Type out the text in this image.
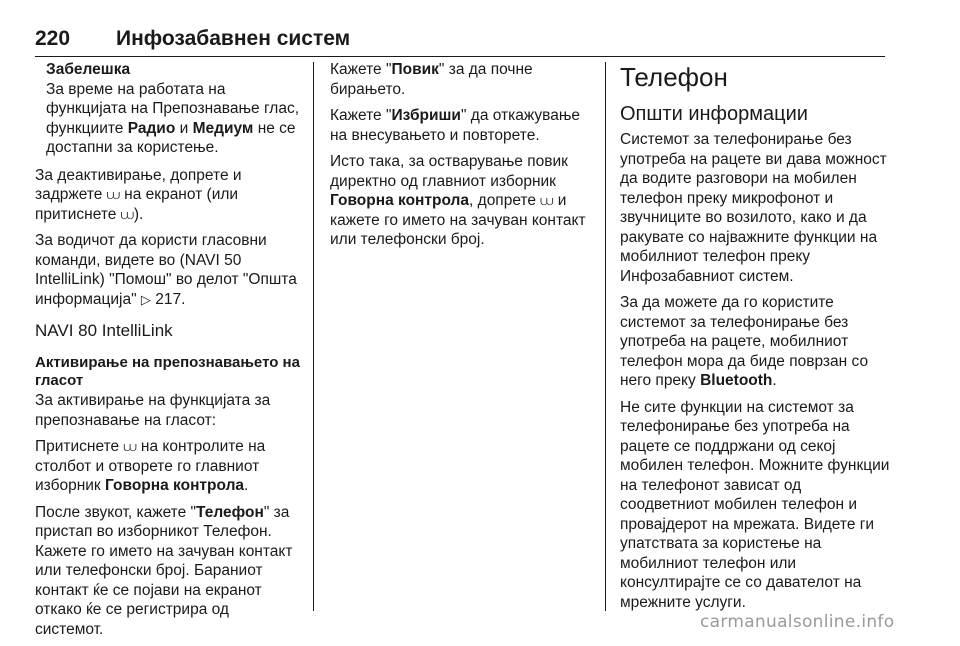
220 Инфозабавнен систем
Забелешка
За време на работата на функцијата на Препознавање глас, функциите Радио и Медиум не се достапни за користење.

За деактивирање, допрете и задржете ⩊ на екранот (или притиснете ⩊).

За водичот да користи гласовни команди, видете во (NAVI 50 IntelliLink) "Помош" во делот "Општа информација" ▷ 217.

NAVI 80 IntelliLink
Активирање на препознавањето на гласот

За активирање на функцијата за препознавање на гласот:

Притиснете ⩊ на контролите на столбот и отворете го главниот изборник Говорна контрола.

После звукот, кажете "Телефон" за пристап во изборникот Телефон. Кажете го името на зачуван контакт или телефонски број. Бараниот контакт ќе се појави на екранот откако ќе се регистрира од системот.

Кажете "Повик" за да почне бирањето.

Кажете "Избриши" да откажување на внесувањето и повторете.

Исто така, за остварување повик директно од главниот изборник Говорна контрола, допрете ⩊ и кажете го името на зачуван контакт или телефонски број.

Телефон
Општи информации

Системот за телефонирање без употреба на рацете ви дава можност да водите разговори на мобилен телефон преку микрофонот и звучниците во возилото, како и да ракувате со најважните функции на мобилниот телефон преку Инфозабавниот систем.

За да можете да го користите системот за телефонирање без употреба на рацете, мобилниот телефон мора да биде поврзан со него преку Bluetooth.

Не сите функции на системот за телефонирање без употреба на рацете се поддржани од секој мобилен телефон. Можните функции на телефонот зависат од соодветниот мобилен телефон и провајдерот на мрежата. Видете ги упатствата за користење на мобилниот телефон или консултирајте се со давателот на мрежните услуги.

carmanualsonline.info
